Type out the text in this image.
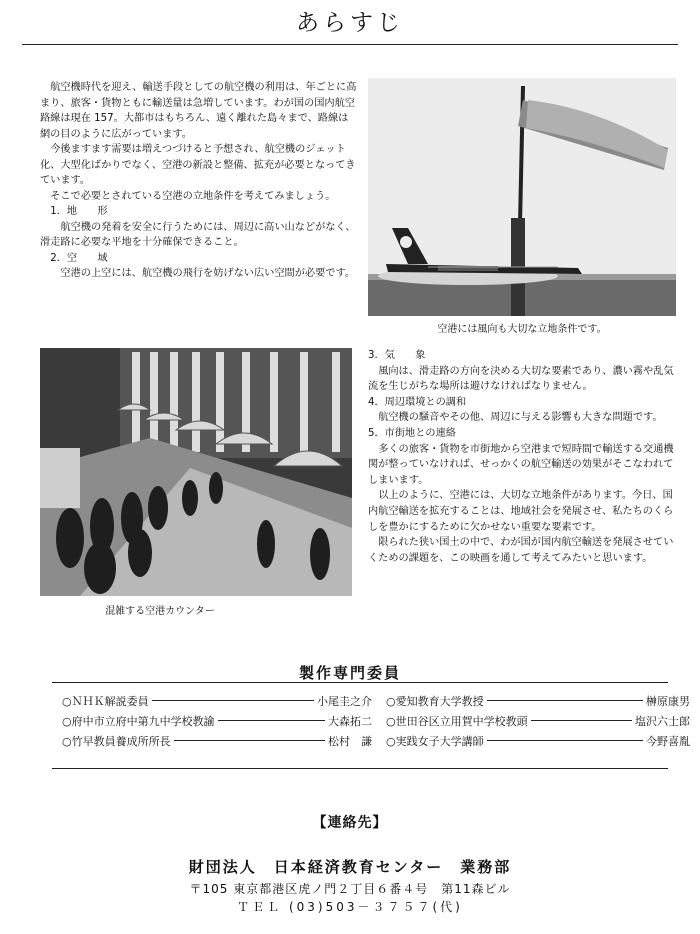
あらすじ

航空機時代を迎え、輸送手段としての航空機の利用は、年ごとに高まり、旅客・貨物ともに輸送量は急増しています。わが国の国内航空路線は現在 157。大都市はもちろん、遠く離れた島々まで、路線は網の目のように広がっています。

今後ますます需要は増えつづけると予想され、航空機のジェット化、大型化ばかりでなく、空港の新設と整備、拡充が必要となってきています。

そこで必要とされている空港の立地条件を考えてみましょう。

1．地　　形

航空機の発着を安全に行うためには、周辺に高い山などがなく、滑走路に必要な平地を十分確保できること。

2．空　　域

空港の上空には、航空機の飛行を妨げない広い空間が必要です。

空港には風向も大切な立地条件です。
混雑する空港カウンター

3．気　　象

風向は、滑走路の方向を決める大切な要素であり、濃い霧や乱気流を生じがちな場所は避けなければなりません。

4．周辺環境との調和

航空機の騒音やその他、周辺に与える影響も大きな問題です。

5．市街地との連絡

多くの旅客・貨物を市街地から空港まで短時間で輸送する交通機関が整っていなければ、せっかくの航空輸送の効果がそこなわれてしまいます。

以上のように、空港には、大切な立地条件があります。今日、国内航空輸送を拡充することは、地域社会を発展させ、私たちのくらしを豊かにするために欠かせない重要な要素です。

限られた狭い国土の中で、わが国が国内航空輸送を発展させていくための課題を、この映画を通して考えてみたいと思います。

製作専門委員
○ＮＨＫ解説委員	小尾圭之介
○府中市立府中第九中学校教諭	大森拓二
○竹早教員養成所所長	松村　謙
○愛知教育大学教授	榊原康男
○世田谷区立用賀中学校教頭	塩沢六士郎
○実践女子大学講師	今野喜胤
【連絡先】
財団法人　日本経済教育センター　業務部
〒105 東京都港区虎ノ門２丁目６番４号　第11森ビル
ＴＥＬ (03)503－３７５７(代)
